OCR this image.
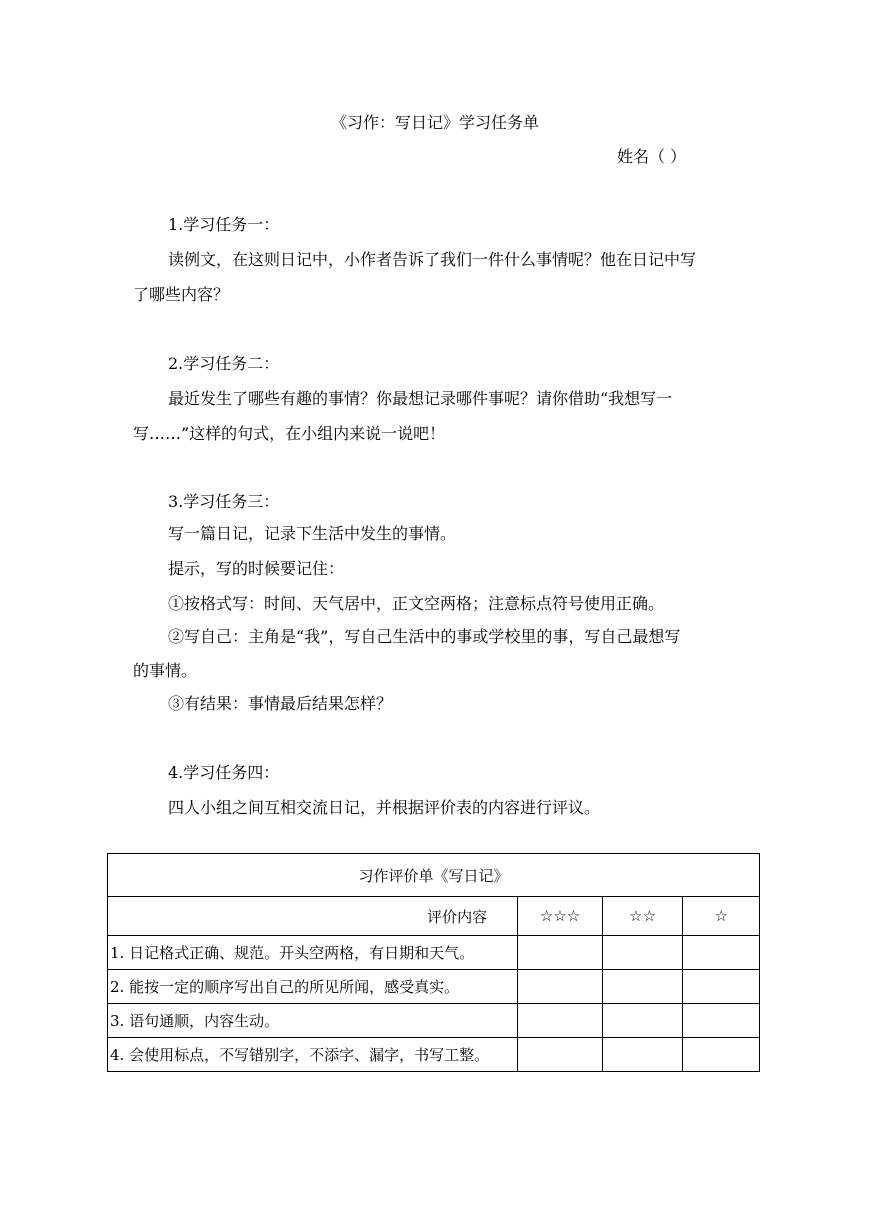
《习作：写日记》学习任务单
姓名（ ）
1.学习任务一：
读例文，在这则日记中，小作者告诉了我们一件什么事情呢？他在日记中写
了哪些内容？
2.学习任务二：
最近发生了哪些有趣的事情？你最想记录哪件事呢？请你借助“我想写一
写……”这样的句式，在小组内来说一说吧！
3.学习任务三：
写一篇日记，记录下生活中发生的事情。
提示，写的时候要记住：
①按格式写：时间、天气居中，正文空两格；注意标点符号使用正确。
②写自己：主角是“我”，写自己生活中的事或学校里的事，写自己最想写
的事情。
③有结果：事情最后结果怎样？
4.学习任务四：
四人小组之间互相交流日记，并根据评价表的内容进行评议。
习作评价单《写日记》			
评价内容	☆☆☆	☆☆	☆
1. 日记格式正确、规范。开头空两格，有日期和天气。			
2. 能按一定的顺序写出自己的所见所闻，感受真实。			
3. 语句通顺，内容生动。			
4. 会使用标点，不写错别字，不添字、漏字，书写工整。			
